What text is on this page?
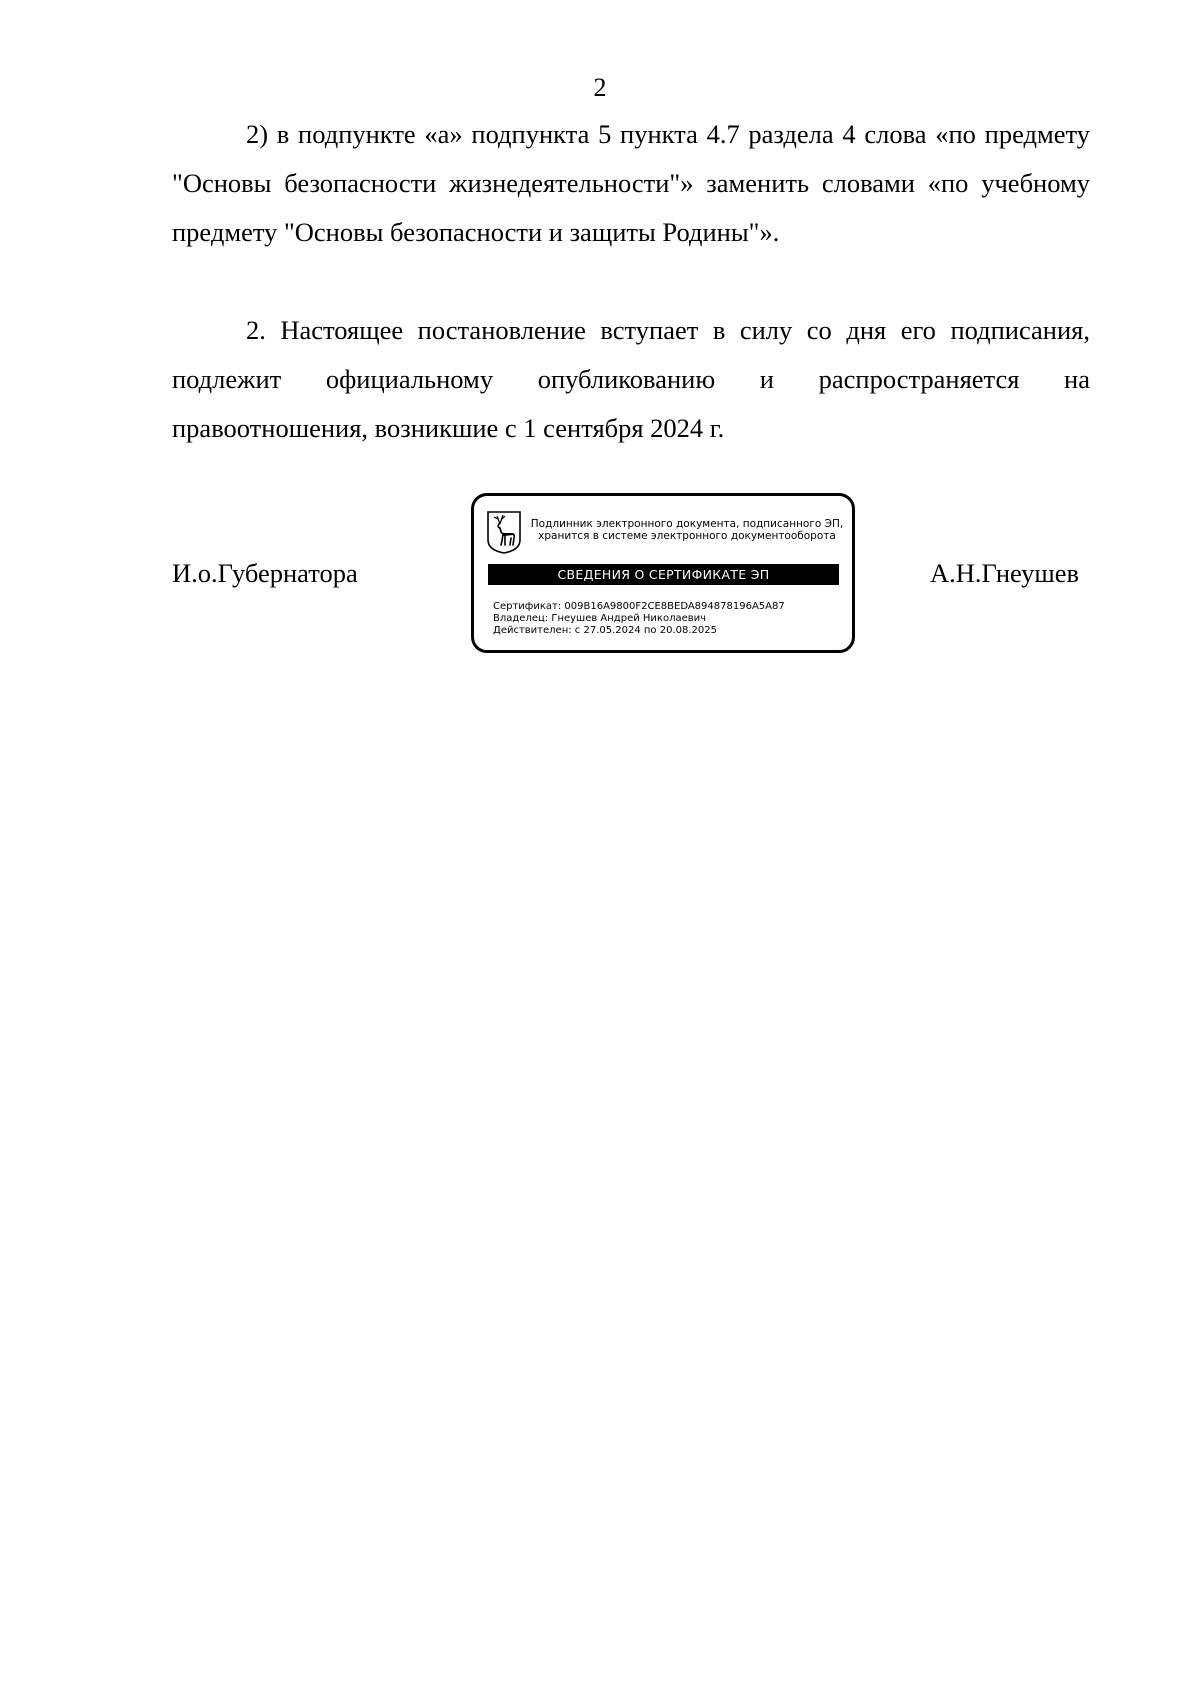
2

2) в подпункте «а» подпункта 5 пункта 4.7 раздела 4 слова «по предмету "Основы безопасности жизнедеятельности"» заменить словами «по учебному предмету "Основы безопасности и защиты Родины"».

2. Настоящее постановление вступает в силу со дня его подписания, подлежит официальному опубликованию и распространяется на правоотношения, возникшие с 1 сентября 2024 г.

И.о.Губернатора
Подлинник электронного документа, подписанного ЭП,
хранится в системе электронного документооборота
СВЕДЕНИЯ О СЕРТИФИКАТЕ ЭП
Сертификат: 009B16A9800F2CE8BEDA894878196A5A87
Владелец: Гнеушев Андрей Николаевич
Действителен: с 27.05.2024 по 20.08.2025
А.Н.Гнеушев
